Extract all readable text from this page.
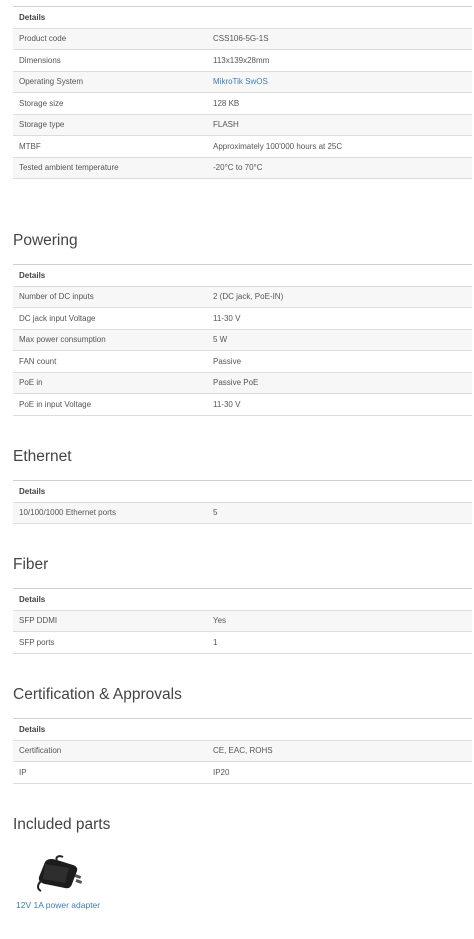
Details	
Product code	CSS106-5G-1S
Dimensions	113x139x28mm
Operating System	MikroTik SwOS
Storage size	128 KB
Storage type	FLASH
MTBF	Approximately 100'000 hours at 25C
Tested ambient temperature	-20°C to 70°C
Powering
Details	
Number of DC inputs	2 (DC jack, PoE-IN)
DC jack input Voltage	11-30 V
Max power consumption	5 W
FAN count	Passive
PoE in	Passive PoE
PoE in input Voltage	11-30 V
Ethernet
Details
10/100/1000 Ethernet ports	5
Fiber
Details	
SFP DDMI	Yes
SFP ports	1
Certification & Approvals
Details	
Certification	CE, EAC, ROHS
IP	IP20
Included parts
12V 1A power adapter
